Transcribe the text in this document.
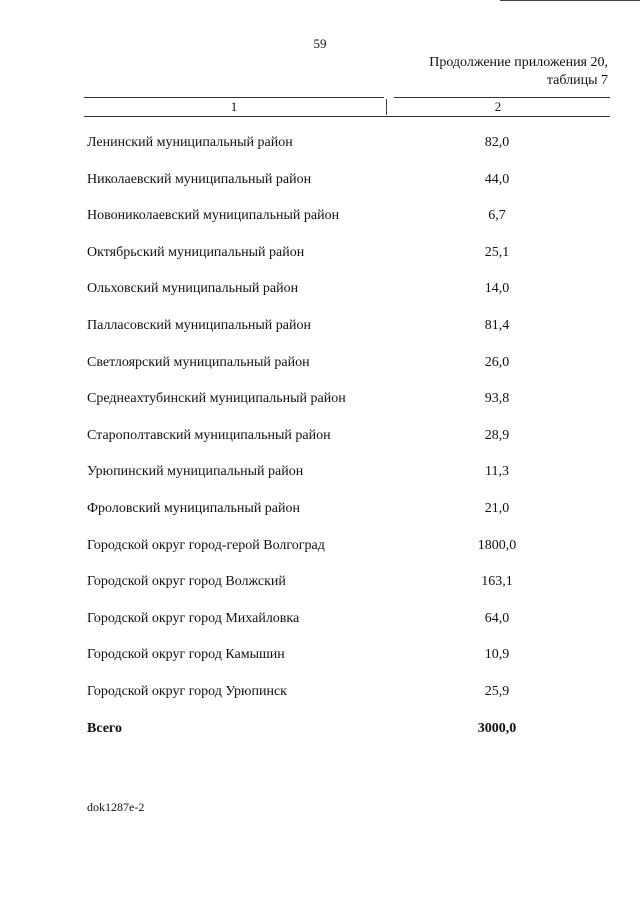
59
Продолжение приложения 20,
таблицы 7
1	2
Ленинский муниципальный район	82,0
Николаевский муниципальный район	44,0
Новониколаевский муниципальный район	6,7
Октябрьский муниципальный район	25,1
Ольховский муниципальный район	14,0
Палласовский муниципальный район	81,4
Светлоярский муниципальный район	26,0
Среднеахтубинский муниципальный район	93,8
Старополтавский муниципальный район	28,9
Урюпинский муниципальный район	11,3
Фроловский муниципальный район	21,0
Городской округ город-герой Волгоград	1800,0
Городской округ город Волжский	163,1
Городской округ город Михайловка	64,0
Городской округ город Камышин	10,9
Городской округ город Урюпинск	25,9
Всего	3000,0
dok1287e-2
